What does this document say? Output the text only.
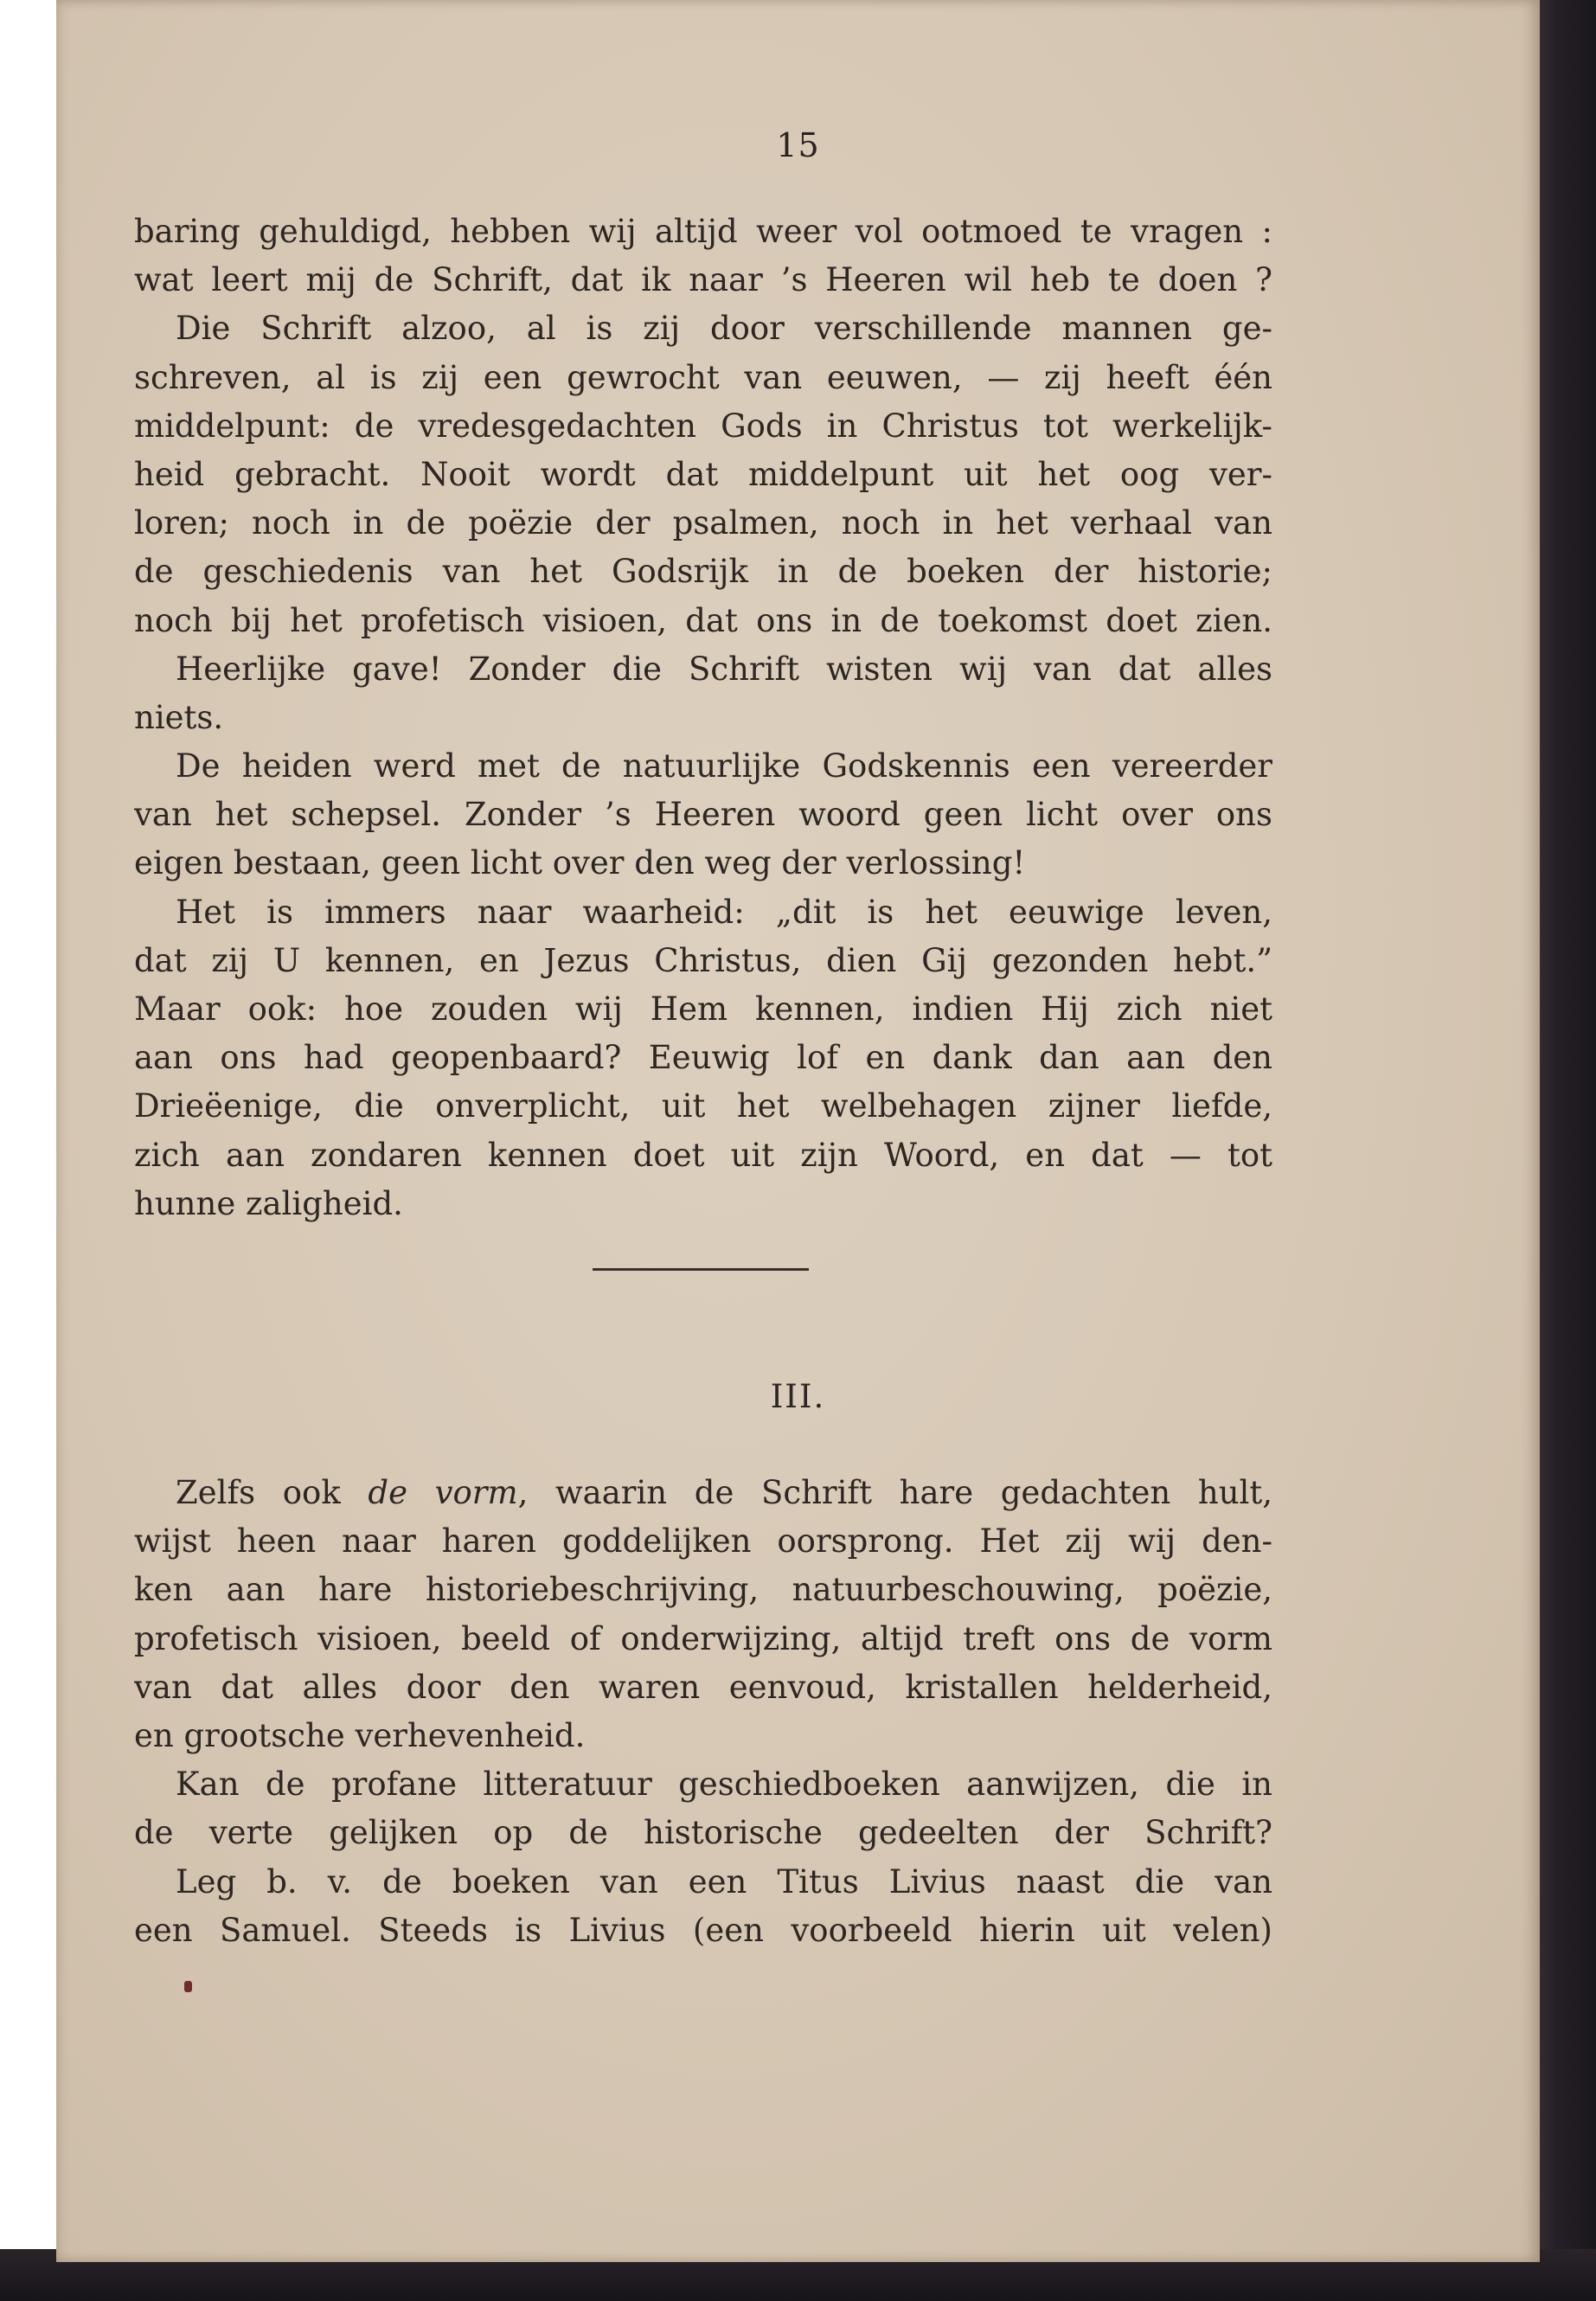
15
baring gehuldigd, hebben wij altijd weer vol ootmoed te vragen :
wat leert mij de Schrift, dat ik naar ’s Heeren wil heb te doen ?
Die Schrift alzoo, al is zij door verschillende mannen ge-
schreven, al is zij een gewrocht van eeuwen, — zij heeft één
middelpunt: de vredesgedachten Gods in Christus tot werkelijk-
heid gebracht. Nooit wordt dat middelpunt uit het oog ver-
loren; noch in de poëzie der psalmen, noch in het verhaal van
de geschiedenis van het Godsrijk in de boeken der historie;
noch bij het profetisch visioen, dat ons in de toekomst doet zien.
Heerlijke gave! Zonder die Schrift wisten wij van dat alles
niets.
De heiden werd met de natuurlijke Godskennis een vereerder
van het schepsel. Zonder ’s Heeren woord geen licht over ons
eigen bestaan, geen licht over den weg der verlossing!
Het is immers naar waarheid: „dit is het eeuwige leven,
dat zij U kennen, en Jezus Christus, dien Gij gezonden hebt.”
Maar ook: hoe zouden wij Hem kennen, indien Hij zich niet
aan ons had geopenbaard? Eeuwig lof en dank dan aan den
Drieëenige, die onverplicht, uit het welbehagen zijner liefde,
zich aan zondaren kennen doet uit zijn Woord, en dat — tot
hunne zaligheid.
III.
Zelfs ook de vorm, waarin de Schrift hare gedachten hult,
wijst heen naar haren goddelijken oorsprong. Het zij wij den-
ken aan hare historiebeschrijving, natuurbeschouwing, poëzie,
profetisch visioen, beeld of onderwijzing, altijd treft ons de vorm
van dat alles door den waren eenvoud, kristallen helderheid,
en grootsche verhevenheid.
Kan de profane litteratuur geschiedboeken aanwijzen, die in
de verte gelijken op de historische gedeelten der Schrift?
Leg b. v. de boeken van een Titus Livius naast die van
een Samuel. Steeds is Livius (een voorbeeld hierin uit velen)
